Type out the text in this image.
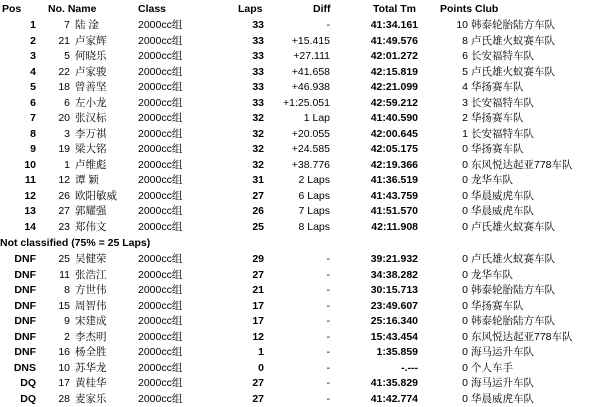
Pos	No. Name	Class	Laps	Diff	Total Tm Points Club
1	7 陆 淦	2000cc组	33	-	41:34.161	10 韩泰轮胎陆方车队
2	21 卢家辉	2000cc组	33	+15.415	41:49.576	8 卢氏雄火蚁赛车队
3	5 何晓乐	2000cc组	33	+27.111	42:01.272	6 长安福特车队
4	22 卢家骏	2000cc组	33	+41.658	42:15.819	5 卢氏雄火蚁赛车队
5	18 曾善坚	2000cc组	33	+46.938	42:21.099	4 华扬赛车队
6	6 左小龙	2000cc组	33	+1:25.051	42:59.212	3 长安福特车队
7	20 张汉标	2000cc组	32	1 Lap	41:40.590	2 华扬赛车队
8	3 李万祺	2000cc组	32	+20.055	42:00.645	1 长安福特车队
9	19 梁大铭	2000cc组	32	+24.585	42:05.175	0 华扬赛车队
10	1 卢维彪	2000cc组	32	+38.776	42:19.366	0 东风悦达起亚778车队
11	12 谭 颖	2000cc组	31	2 Laps	41:36.519	0 龙华车队
12	26 欧阳敏威	2000cc组	27	6 Laps	41:43.759	0 华晨威虎车队
13	27 郭耀强	2000cc组	26	7 Laps	41:51.570	0 华晨威虎车队
14	23 郑伟文	2000cc组	25	8 Laps	42:11.908	0 卢氏雄火蚁赛车队
Not classified (75% = 25 Laps)
DNF	25 吴健荣	2000cc组	29	-	39:21.932	0 卢氏雄火蚁赛车队
DNF	11 张浩江	2000cc组	27	-	34:38.282	0 龙华车队
DNF	8 方世伟	2000cc组	21	-	30:15.713	0 韩泰轮胎陆方车队
DNF	15 周智伟	2000cc组	17	-	23:49.607	0 华扬赛车队
DNF	9 宋建成	2000cc组	17	-	25:16.340	0 韩泰轮胎陆方车队
DNF	2 李杰明	2000cc组	12	-	15:43.454	0 东风悦达起亚778车队
DNF	16 杨全胜	2000cc组	1	-	1:35.859	0 海马运升车队
DNS	10 苏华龙	2000cc组	0	-	-.---	0 个人车手
DQ	17 黄桂华	2000cc组	27	-	41:35.829	0 海马运升车队
DQ	28 麦家乐	2000cc组	27	-	41:42.774	0 华晨威虎车队
